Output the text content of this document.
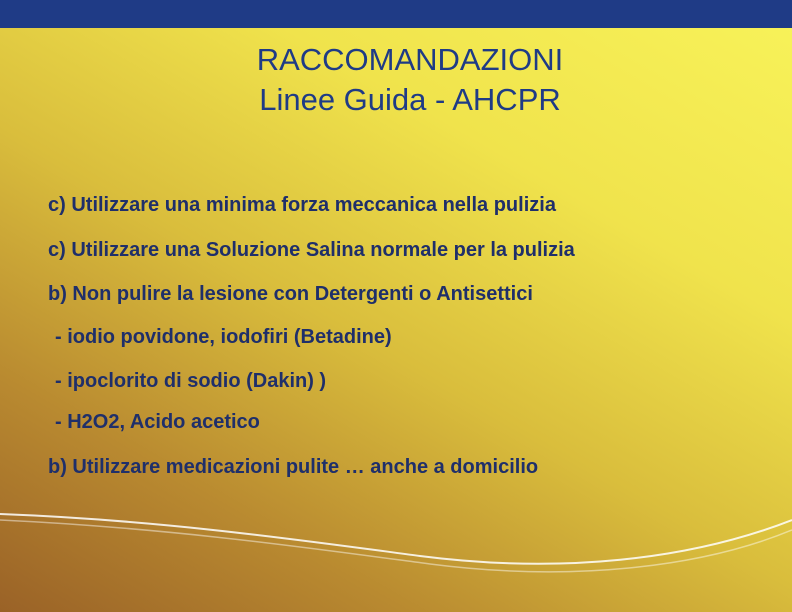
RACCOMANDAZIONI
Linee Guida - AHCPR
c) Utilizzare una minima forza meccanica nella pulizia
c) Utilizzare una Soluzione Salina normale per la pulizia
b) Non pulire la lesione con Detergenti o Antisettici
- iodio povidone, iodofiri (Betadine)
- ipoclorito di sodio (Dakin) )
- H2O2, Acido acetico
b) Utilizzare medicazioni pulite … anche a domicilio
